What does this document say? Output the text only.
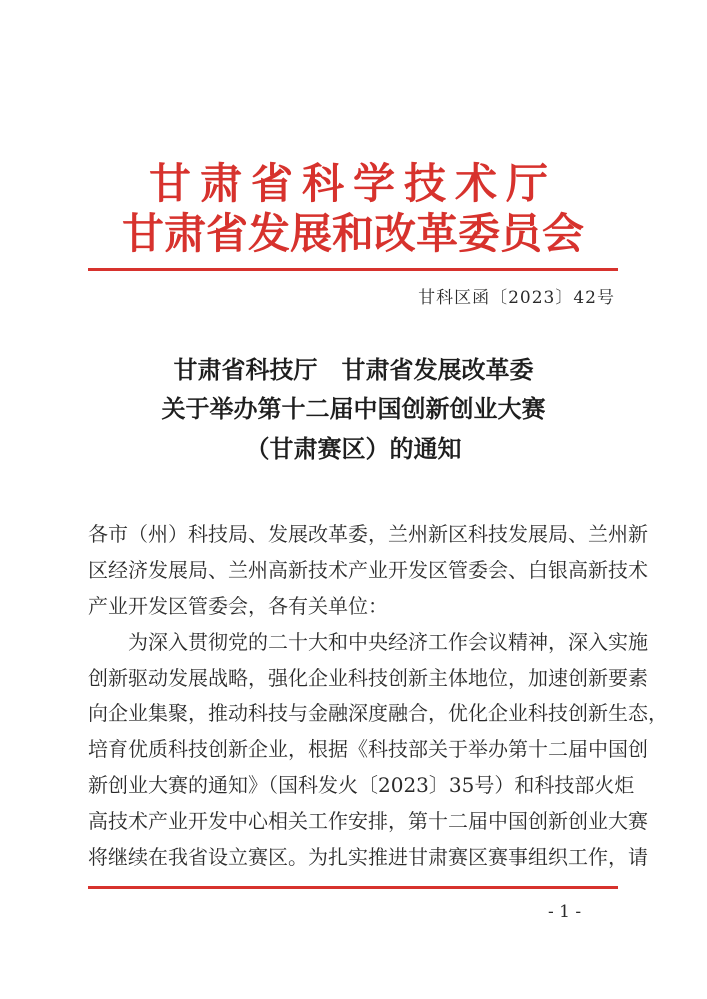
甘肃省科学技术厅
甘肃省发展和改革委员会
甘科区函〔2023〕42号
甘肃省科技厅　甘肃省发展改革委
关于举办第十二届中国创新创业大赛
（甘肃赛区）的通知
各市（州）科技局、发展改革委，兰州新区科技发展局、兰州新
区经济发展局、兰州高新技术产业开发区管委会、白银高新技术
产业开发区管委会，各有关单位：
为深入贯彻党的二十大和中央经济工作会议精神，深入实施
创新驱动发展战略，强化企业科技创新主体地位，加速创新要素
向企业集聚，推动科技与金融深度融合，优化企业科技创新生态，
培育优质科技创新企业，根据《科技部关于举办第十二届中国创
新创业大赛的通知》（国科发火〔2023〕35号）和科技部火炬
高技术产业开发中心相关工作安排，第十二届中国创新创业大赛
将继续在我省设立赛区。为扎实推进甘肃赛区赛事组织工作，请
- 1 -
